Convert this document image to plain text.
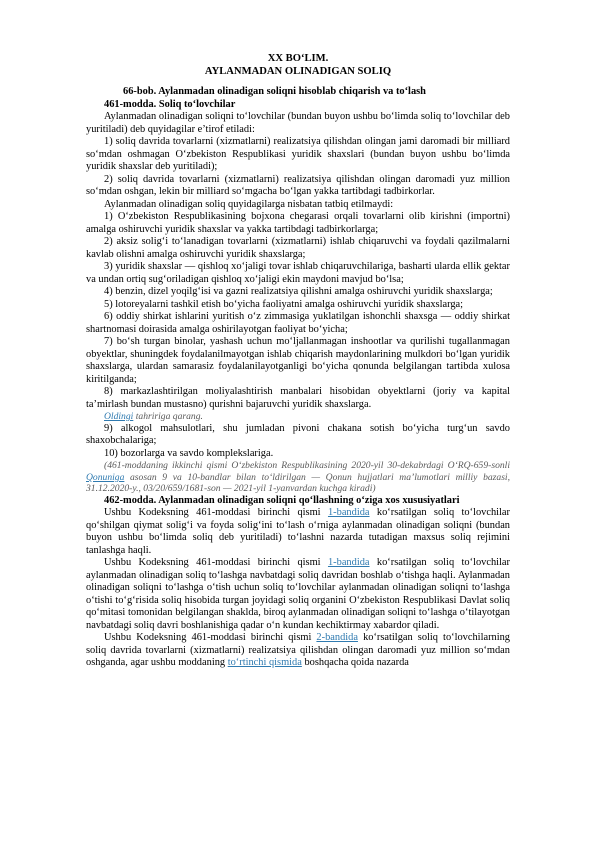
XX BO‘LIM.
AYLANMADAN OLINADIGAN SOLIQ
66-bob. Aylanmadan olinadigan soliqni hisoblab chiqarish va to‘lash
461-modda. Soliq to‘lovchilar

Aylanmadan olinadigan soliqni to‘lovchilar (bundan buyon ushbu bo‘limda soliq to‘lovchilar deb yuritiladi) deb quyidagilar e’tirof etiladi:

1) soliq davrida tovarlarni (xizmatlarni) realizatsiya qilishdan olingan jami daromadi bir milliard so‘mdan oshmagan O‘zbekiston Respublikasi yuridik shaxslari (bundan buyon ushbu bo‘limda yuridik shaxslar deb yuritiladi);

2) soliq davrida tovarlarni (xizmatlarni) realizatsiya qilishdan olingan daromadi yuz million so‘mdan oshgan, lekin bir milliard so‘mgacha bo‘lgan yakka tartibdagi tadbirkorlar.

Aylanmadan olinadigan soliq quyidagilarga nisbatan tatbiq etilmaydi:

1) O‘zbekiston Respublikasining bojxona chegarasi orqali tovarlarni olib kirishni (importni) amalga oshiruvchi yuridik shaxslar va yakka tartibdagi tadbirkorlarga;

2) aksiz solig‘i to‘lanadigan tovarlarni (xizmatlarni) ishlab chiqaruvchi va foydali qazilmalarni kavlab olishni amalga oshiruvchi yuridik shaxslarga;

3) yuridik shaxslar — qishloq xo‘jaligi tovar ishlab chiqaruvchilariga, basharti ularda ellik gektar va undan ortiq sug‘oriladigan qishloq xo‘jaligi ekin maydoni mavjud bo‘lsa;

4) benzin, dizel yoqilg‘isi va gazni realizatsiya qilishni amalga oshiruvchi yuridik shaxslarga;

5) lotoreyalarni tashkil etish bo‘yicha faoliyatni amalga oshiruvchi yuridik shaxslarga;

6) oddiy shirkat ishlarini yuritish o‘z zimmasiga yuklatilgan ishonchli shaxsga — oddiy shirkat shartnomasi doirasida amalga oshirilayotgan faoliyat bo‘yicha;

7) bo‘sh turgan binolar, yashash uchun mo‘ljallanmagan inshootlar va qurilishi tugallanmagan obyektlar, shuningdek foydalanilmayotgan ishlab chiqarish maydonlarining mulkdori bo‘lgan yuridik shaxslarga, ulardan samarasiz foydalanilayotganligi bo‘yicha qonunda belgilangan tartibda xulosa kiritilganda;

8) markazlashtirilgan moliyalashtirish manbalari hisobidan obyektlarni (joriy va kapital ta’mirlash bundan mustasno) qurishni bajaruvchi yuridik shaxslarga.

Oldingi tahririga qarang.

9) alkogol mahsulotlari, shu jumladan pivoni chakana sotish bo‘yicha turg‘un savdo shaxobchalariga;

10) bozorlarga va savdo komplekslariga.

(461-moddaning ikkinchi qismi O‘zbekiston Respublikasining 2020-yil 30-dekabrdagi O‘RQ-659-sonli Qonuniga asosan 9 va 10-bandlar bilan to‘ldirilgan — Qonun hujjatlari ma’lumotlari milliy bazasi, 31.12.2020-y., 03/20/659/1681-son — 2021-yil 1-yanvardan kuchga kiradi)

462-modda. Aylanmadan olinadigan soliqni qo‘llashning o‘ziga xos xususiyatlari

Ushbu Kodeksning 461-moddasi birinchi qismi 1-bandida ko‘rsatilgan soliq to‘lovchilar qo‘shilgan qiymat solig‘i va foyda solig‘ini to‘lash o‘rniga aylanmadan olinadigan soliqni (bundan buyon ushbu bo‘limda soliq deb yuritiladi) to‘lashni nazarda tutadigan maxsus soliq rejimini tanlashga haqli.

Ushbu Kodeksning 461-moddasi birinchi qismi 1-bandida ko‘rsatilgan soliq to‘lovchilar aylanmadan olinadigan soliq to‘lashga navbatdagi soliq davridan boshlab o‘tishga haqli. Aylanmadan olinadigan soliqni to‘lashga o‘tish uchun soliq to‘lovchilar aylanmadan olinadigan soliqni to‘lashga o‘tishi to‘g‘risida soliq hisobida turgan joyidagi soliq organini O‘zbekiston Respublikasi Davlat soliq qo‘mitasi tomonidan belgilangan shaklda, biroq aylanmadan olinadigan soliqni to‘lashga o‘tilayotgan navbatdagi soliq davri boshlanishiga qadar o‘n kundan kechiktirmay xabardor qiladi.

Ushbu Kodeksning 461-moddasi birinchi qismi 2-bandida ko‘rsatilgan soliq to‘lovchilarning soliq davrida tovarlarni (xizmatlarni) realizatsiya qilishdan olingan daromadi yuz million so‘mdan oshganda, agar ushbu moddaning to‘rtinchi qismida boshqacha qoida nazarda
